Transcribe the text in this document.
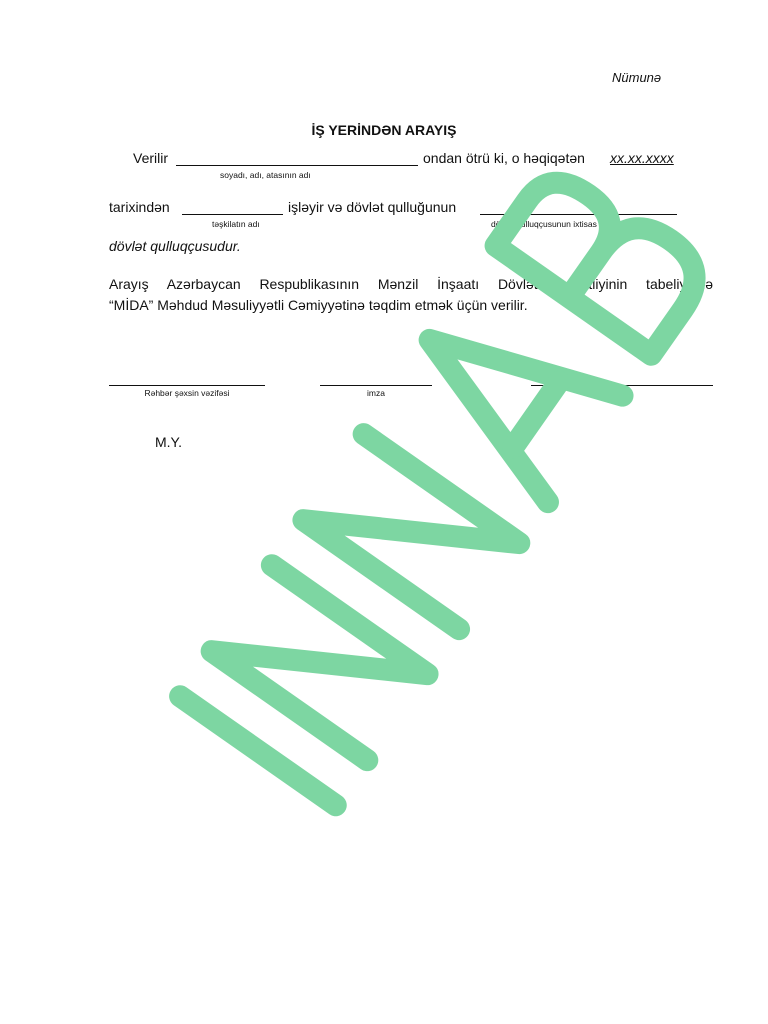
Nümunə
İŞ YERİNDƏN ARAYIŞ
Verilir	ondan ötrü ki, o həqiqətən xx.xx.xxxx
soyadı, adı, atasının adı
tarixindən	işləyir və dövlət qulluğunun
təşkilatın adı	dövlət qulluqçusunun ixtisas dərəcəsi
dövlət qulluqçusudur.
Arayış Azərbaycan Respublikasının Mənzil İnşaatı Dövlət Agentliyinin tabeliyində
“MİDA” Məhdud Məsuliyyətli Cəmiyyətinə təqdim etmək üçün verilir.
Rəhbər şəxsin vəzifəsi	imza	Adı, Soyadı
M.Y.
